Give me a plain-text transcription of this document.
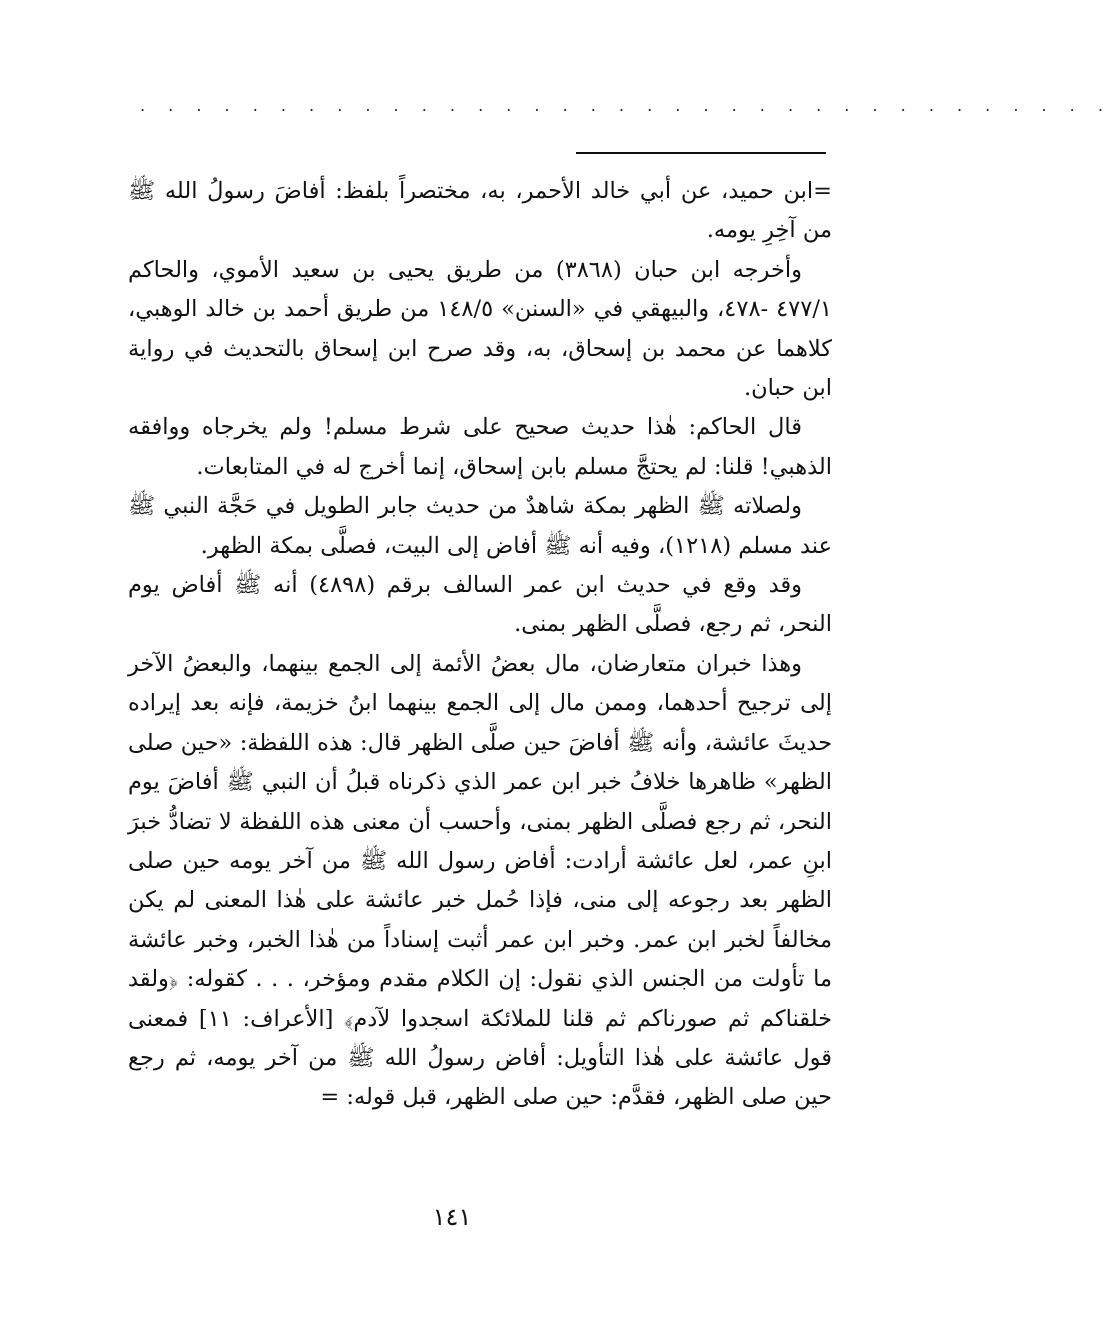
. . . . . . . . . . . . . . . . . . . . . . . . . . . . . . . . . . .

=ابن حميد، عن أبي خالد الأحمر، به، مختصراً بلفظ: أفاضَ رسولُ الله ﷺ من آخِرِ يومه.

وأخرجه ابن حبان (٣٨٦٨) من طريق يحيى بن سعيد الأموي، والحاكم ٤٧٧/١ -٤٧٨، والبيهقي في «السنن» ١٤٨/٥ من طريق أحمد بن خالد الوهبي، كلاهما عن محمد بن إسحاق، به، وقد صرح ابن إسحاق بالتحديث في رواية ابن حبان.

قال الحاكم: هٰذا حديث صحيح على شرط مسلم! ولم يخرجاه ووافقه الذهبي! قلنا: لم يحتجَّ مسلم بابن إسحاق، إنما أخرج له في المتابعات.

ولصلاته ﷺ الظهر بمكة شاهدٌ من حديث جابر الطويل في حَجَّة النبي ﷺ عند مسلم (١٢١٨)، وفيه أنه ﷺ أفاض إلى البيت، فصلَّى بمكة الظهر.

وقد وقع في حديث ابن عمر السالف برقم (٤٨٩٨) أنه ﷺ أفاض يوم النحر، ثم رجع، فصلَّى الظهر بمنى.

وهذا خبران متعارضان، مال بعضُ الأئمة إلى الجمع بينهما، والبعضُ الآخر إلى ترجيح أحدهما، وممن مال إلى الجمع بينهما ابنُ خزيمة، فإنه بعد إيراده حديثَ عائشة، وأنه ﷺ أفاضَ حين صلَّى الظهر قال: هذه اللفظة: «حين صلى الظهر» ظاهرها خلافُ خبر ابن عمر الذي ذكرناه قبلُ أن النبي ﷺ أفاضَ يوم النحر، ثم رجع فصلَّى الظهر بمنى، وأحسب أن معنى هذه اللفظة لا تضادُّ خبرَ ابنِ عمر، لعل عائشة أرادت: أفاض رسول الله ﷺ من آخر يومه حين صلى الظهر بعد رجوعه إلى منى، فإذا حُمل خبر عائشة على هٰذا المعنى لم يكن مخالفاً لخبر ابن عمر. وخبر ابن عمر أثبت إسناداً من هٰذا الخبر، وخبر عائشة ما تأولت من الجنس الذي نقول: إن الكلام مقدم ومؤخر، . . . كقوله: ﴿ولقد خلقناكم ثم صورناكم ثم قلنا للملائكة اسجدوا لآدم﴾ [الأعراف: ١١] فمعنى قول عائشة على هٰذا التأويل: أفاض رسولُ الله ﷺ من آخر يومه، ثم رجع حين صلى الظهر، فقدَّم: حين صلى الظهر، قبل قوله: =

١٤١
